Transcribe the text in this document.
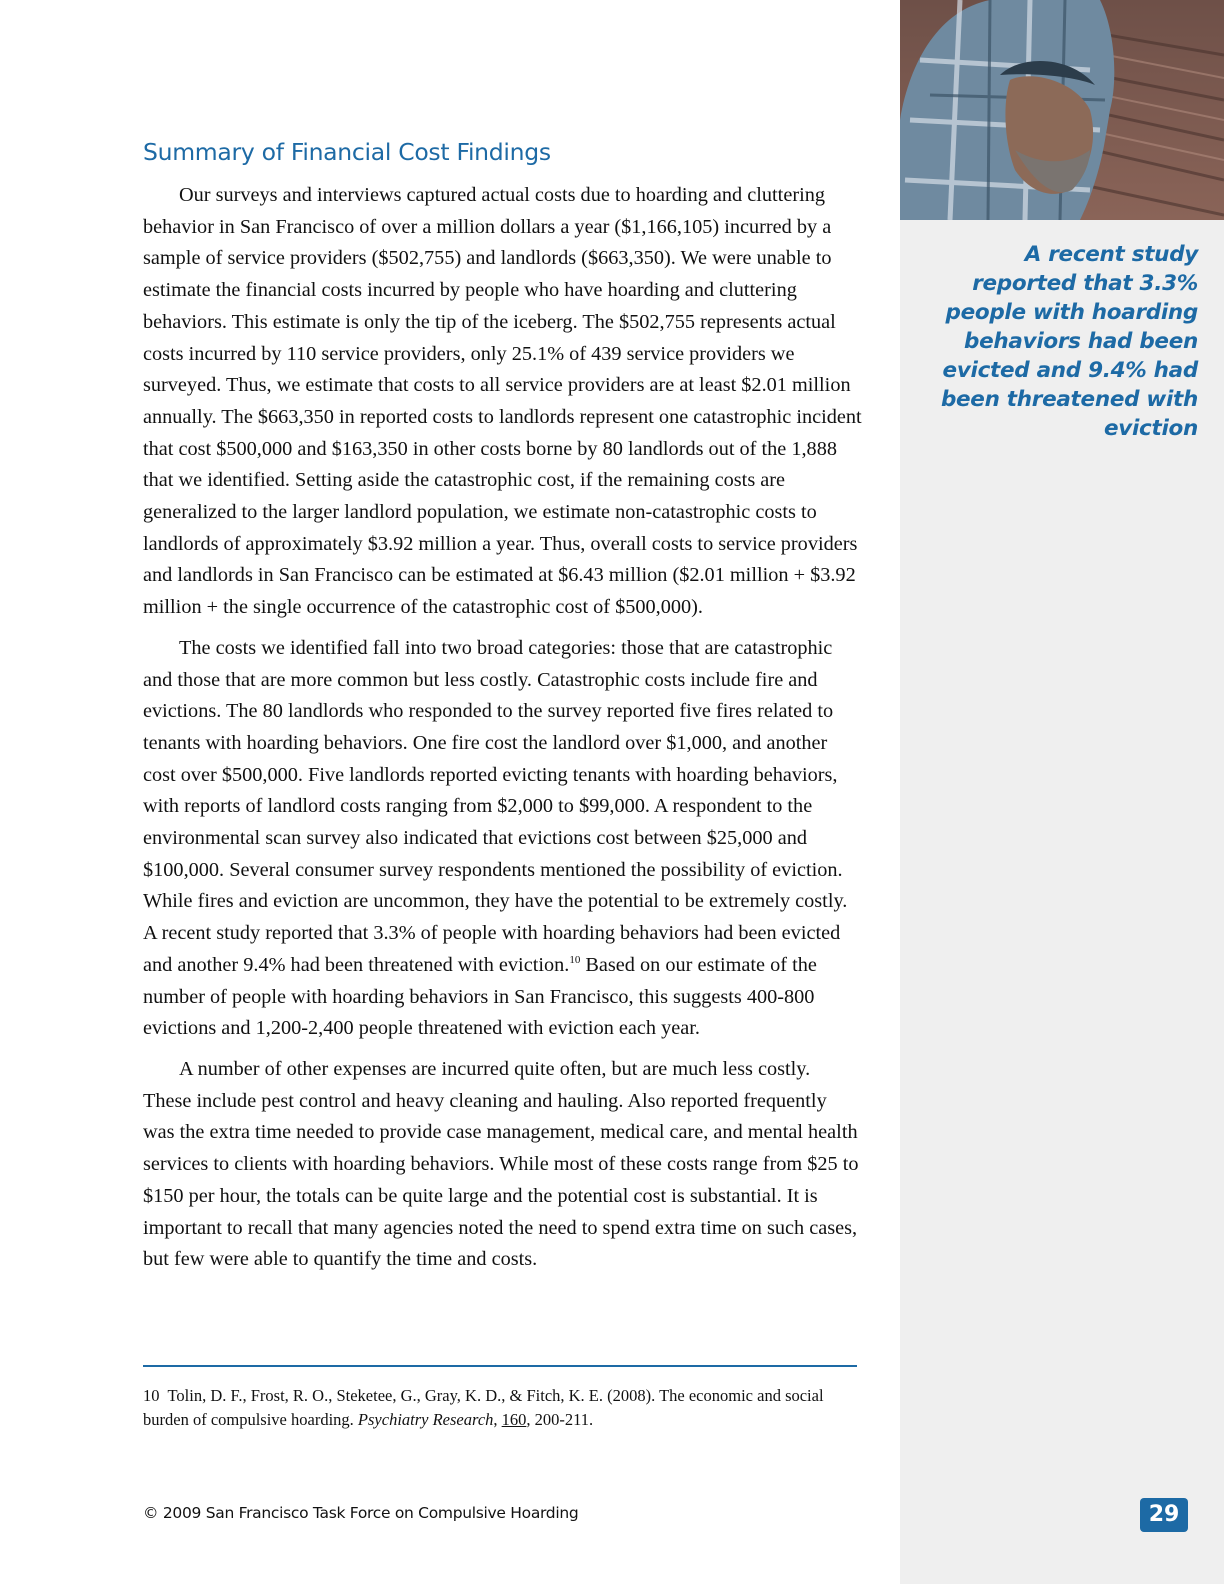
A recent study reported that 3.3% people with hoarding behaviors had been evicted and 9.4% had been threatened with eviction

Summary of Financial Cost Findings

Our surveys and interviews captured actual costs due to hoarding and cluttering behavior in San Francisco of over a million dollars a year ($1,166,105) incurred by a sample of service providers ($502,755) and landlords ($663,350). We were unable to estimate the financial costs incurred by people who have hoarding and cluttering behaviors. This estimate is only the tip of the iceberg. The $502,755 represents actual costs incurred by 110 service providers, only 25.1% of 439 service providers we surveyed. Thus, we estimate that costs to all service providers are at least $2.01 million annually. The $663,350 in reported costs to landlords represent one catastrophic incident that cost $500,000 and $163,350 in other costs borne by 80 landlords out of the 1,888 that we identified. Setting aside the catastrophic cost, if the remaining costs are generalized to the larger landlord population, we estimate non-catastrophic costs to landlords of approximately $3.92 million a year. Thus, overall costs to service providers and landlords in San Francisco can be estimated at $6.43 million ($2.01 million + $3.92 million + the single occurrence of the catastrophic cost of $500,000).

The costs we identified fall into two broad categories: those that are catastrophic and those that are more common but less costly. Catastrophic costs include fire and evictions. The 80 landlords who responded to the survey reported five fires related to tenants with hoarding behaviors. One fire cost the landlord over $1,000, and another cost over $500,000. Five landlords reported evicting tenants with hoarding behaviors, with reports of landlord costs ranging from $2,000 to $99,000. A respondent to the environmental scan survey also indicated that evictions cost between $25,000 and $100,000. Several consumer survey respondents mentioned the possibility of eviction. While fires and eviction are uncommon, they have the potential to be extremely costly. A recent study reported that 3.3% of people with hoarding behaviors had been evicted and another 9.4% had been threatened with eviction.$^{10}$ Based on our estimate of the number of people with hoarding behaviors in San Francisco, this suggests 400-800 evictions and 1,200-2,400 people threatened with eviction each year.

A number of other expenses are incurred quite often, but are much less costly. These include pest control and heavy cleaning and hauling. Also reported frequently was the extra time needed to provide case management, medical care, and mental health services to clients with hoarding behaviors. While most of these costs range from $25 to $150 per hour, the totals can be quite large and the potential cost is substantial. It is important to recall that many agencies noted the need to spend extra time on such cases, but few were able to quantify the time and costs.

10 Tolin, D. F., Frost, R. O., Steketee, G., Gray, K. D., & Fitch, K. E. (2008). The economic and social burden of compulsive hoarding. Psychiatry Research, 160, 200-211.

© 2009 San Francisco Task Force on Compulsive Hoarding	29
